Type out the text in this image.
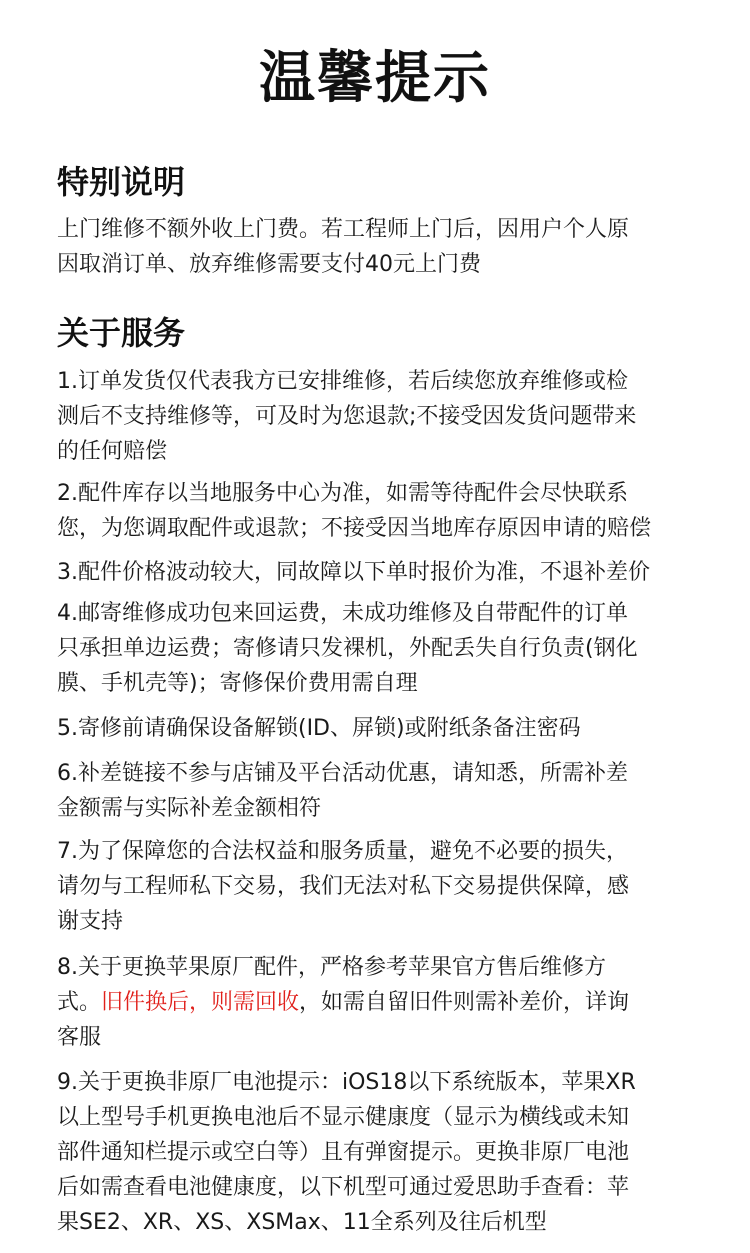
温馨提示
特别说明
上门维修不额外收上门费。若工程师上门后，因用户个人原
因取消订单、放弃维修需要支付40元上门费
关于服务
1.订单发货仅代表我方已安排维修，若后续您放弃维修或检
测后不支持维修等，可及时为您退款;不接受因发货问题带来
的任何赔偿
2.配件库存以当地服务中心为准，如需等待配件会尽快联系
您，为您调取配件或退款；不接受因当地库存原因申请的赔偿
3.配件价格波动较大，同故障以下单时报价为准，不退补差价
4.邮寄维修成功包来回运费，未成功维修及自带配件的订单
只承担单边运费；寄修请只发裸机，外配丢失自行负责(钢化
膜、手机壳等)；寄修保价费用需自理
5.寄修前请确保设备解锁(ID、屏锁)或附纸条备注密码
6.补差链接不参与店铺及平台活动优惠，请知悉，所需补差
金额需与实际补差金额相符
7.为了保障您的合法权益和服务质量，避免不必要的损失，
请勿与工程师私下交易，我们无法对私下交易提供保障，感
谢支持
8.关于更换苹果原厂配件，严格参考苹果官方售后维修方
式。旧件换后，则需回收，如需自留旧件则需补差价，详询
客服
9.关于更换非原厂电池提示：iOS18以下系统版本，苹果XR
以上型号手机更换电池后不显示健康度（显示为横线或未知
部件通知栏提示或空白等）且有弹窗提示。更换非原厂电池
后如需查看电池健康度，以下机型可通过爱思助手查看：苹
果SE2、XR、XS、XSMax、11全系列及往后机型
